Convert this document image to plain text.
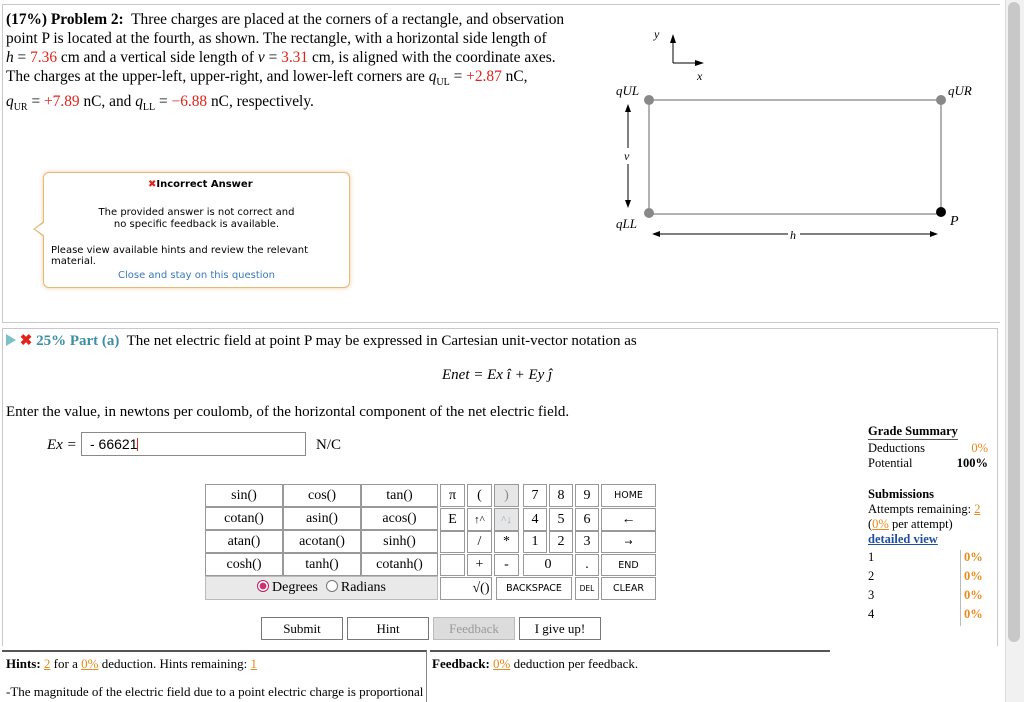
(17%) Problem 2: Three charges are placed at the corners of a rectangle, and observation
point P is located at the fourth, as shown. The rectangle, with a horizontal side length of
h = 7.36 cm and a vertical side length of v = 3.31 cm, is aligned with the coordinate axes.
The charges at the upper-left, upper-right, and lower-left corners are $q_{UL} = +2.87$ nC,
$q_{UR} = +7.89$ nC, and $q_{LL} = -6.88$ nC, respectively.
y
x
qUL	qUR
qLL	P
v
h
✖Incorrect Answer
The provided answer is not correct and
no specific feedback is available.
Please view available hints and review the relevant material.
Close and stay on this question
✖ 25% Part (a) The net electric field at point P may be expressed in Cartesian unit-vector notation as
Enet = Ex î + Ey ĵ
Enter the value, in newtons per coulomb, of the horizontal component of the net electric field.
Ex = - 66621	N/C
sin()	cos()	tan()
cotan()	asin()	acos()
atan()	acotan()	sinh()
cosh()	tanh()	cotanh()
Degrees	Radians
π	(	)	7	8	9	HOME
E	↑^	^↓	4	5	6	←
/	*	1	2	3	→
+	-	0	.	END
√()	BACKSPACE	DEL	CLEAR
Submit	Hint	Feedback	I give up!
Hints: 2 for a 0% deduction. Hints remaining: 1
-The magnitude of the electric field due to a point electric charge is proportional
Feedback: 0% deduction per feedback.
Grade Summary
Deductions	0%
Potential	100%
Submissions
Attempts remaining: 2
(0% per attempt)
detailed view
1	0%
2	0%
3	0%
4	0%
